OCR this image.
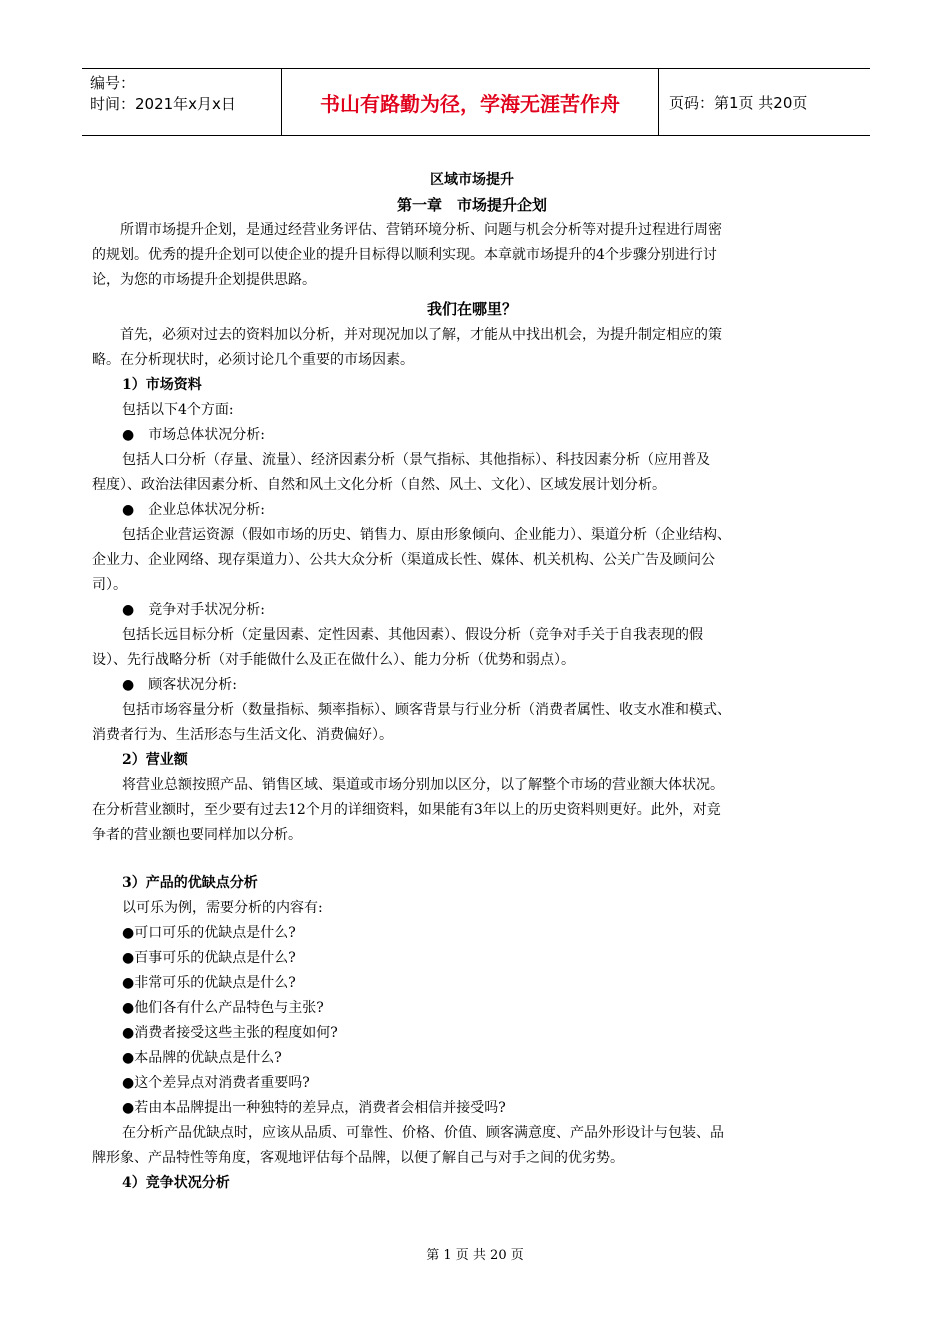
编号：
时间：2021年x月x日	书山有路勤为径，学海无涯苦作舟	页码：第1页 共20页
区域市场提升
第一章　市场提升企划
所谓市场提升企划，是通过经营业务评估、营销环境分析、问题与机会分析等对提升过程进行周密
的规划。优秀的提升企划可以使企业的提升目标得以顺利实现。本章就市场提升的4个步骤分别进行讨
论，为您的市场提升企划提供思路。
我们在哪里？
首先，必须对过去的资料加以分析，并对现况加以了解，才能从中找出机会，为提升制定相应的策
略。在分析现状时，必须讨论几个重要的市场因素。
1）市场资料
包括以下4个方面:
●　市场总体状况分析:
包括人口分析（存量、流量）、经济因素分析（景气指标、其他指标）、科技因素分析（应用普及
程度）、政治法律因素分析、自然和风土文化分析（自然、风土、文化）、区域发展计划分析。
●　企业总体状况分析:
包括企业营运资源（假如市场的历史、销售力、原由形象倾向、企业能力）、渠道分析（企业结构、
企业力、企业网络、现存渠道力）、公共大众分析（渠道成长性、媒体、机关机构、公关广告及顾问公
司）。
●　竞争对手状况分析:
包括长远目标分析（定量因素、定性因素、其他因素）、假设分析（竞争对手关于自我表现的假
设）、先行战略分析（对手能做什么及正在做什么）、能力分析（优势和弱点）。
●　顾客状况分析:
包括市场容量分析（数量指标、频率指标）、顾客背景与行业分析（消费者属性、收支水准和模式、
消费者行为、生活形态与生活文化、消费偏好）。
2）营业额
将营业总额按照产品、销售区域、渠道或市场分别加以区分，以了解整个市场的营业额大体状况。
在分析营业额时，至少要有过去12个月的详细资料，如果能有3年以上的历史资料则更好。此外，对竞
争者的营业额也要同样加以分析。
3）产品的优缺点分析
以可乐为例，需要分析的内容有:
●可口可乐的优缺点是什么?
●百事可乐的优缺点是什么?
●非常可乐的优缺点是什么?
●他们各有什么产品特色与主张?
●消费者接受这些主张的程度如何?
●本品牌的优缺点是什么?
●这个差异点对消费者重要吗?
●若由本品牌提出一种独特的差异点，消费者会相信并接受吗?
在分析产品优缺点时，应该从品质、可靠性、价格、价值、顾客满意度、产品外形设计与包装、品
牌形象、产品特性等角度，客观地评估每个品牌，以便了解自己与对手之间的优劣势。
4）竞争状况分析
第 1 页 共 20 页
